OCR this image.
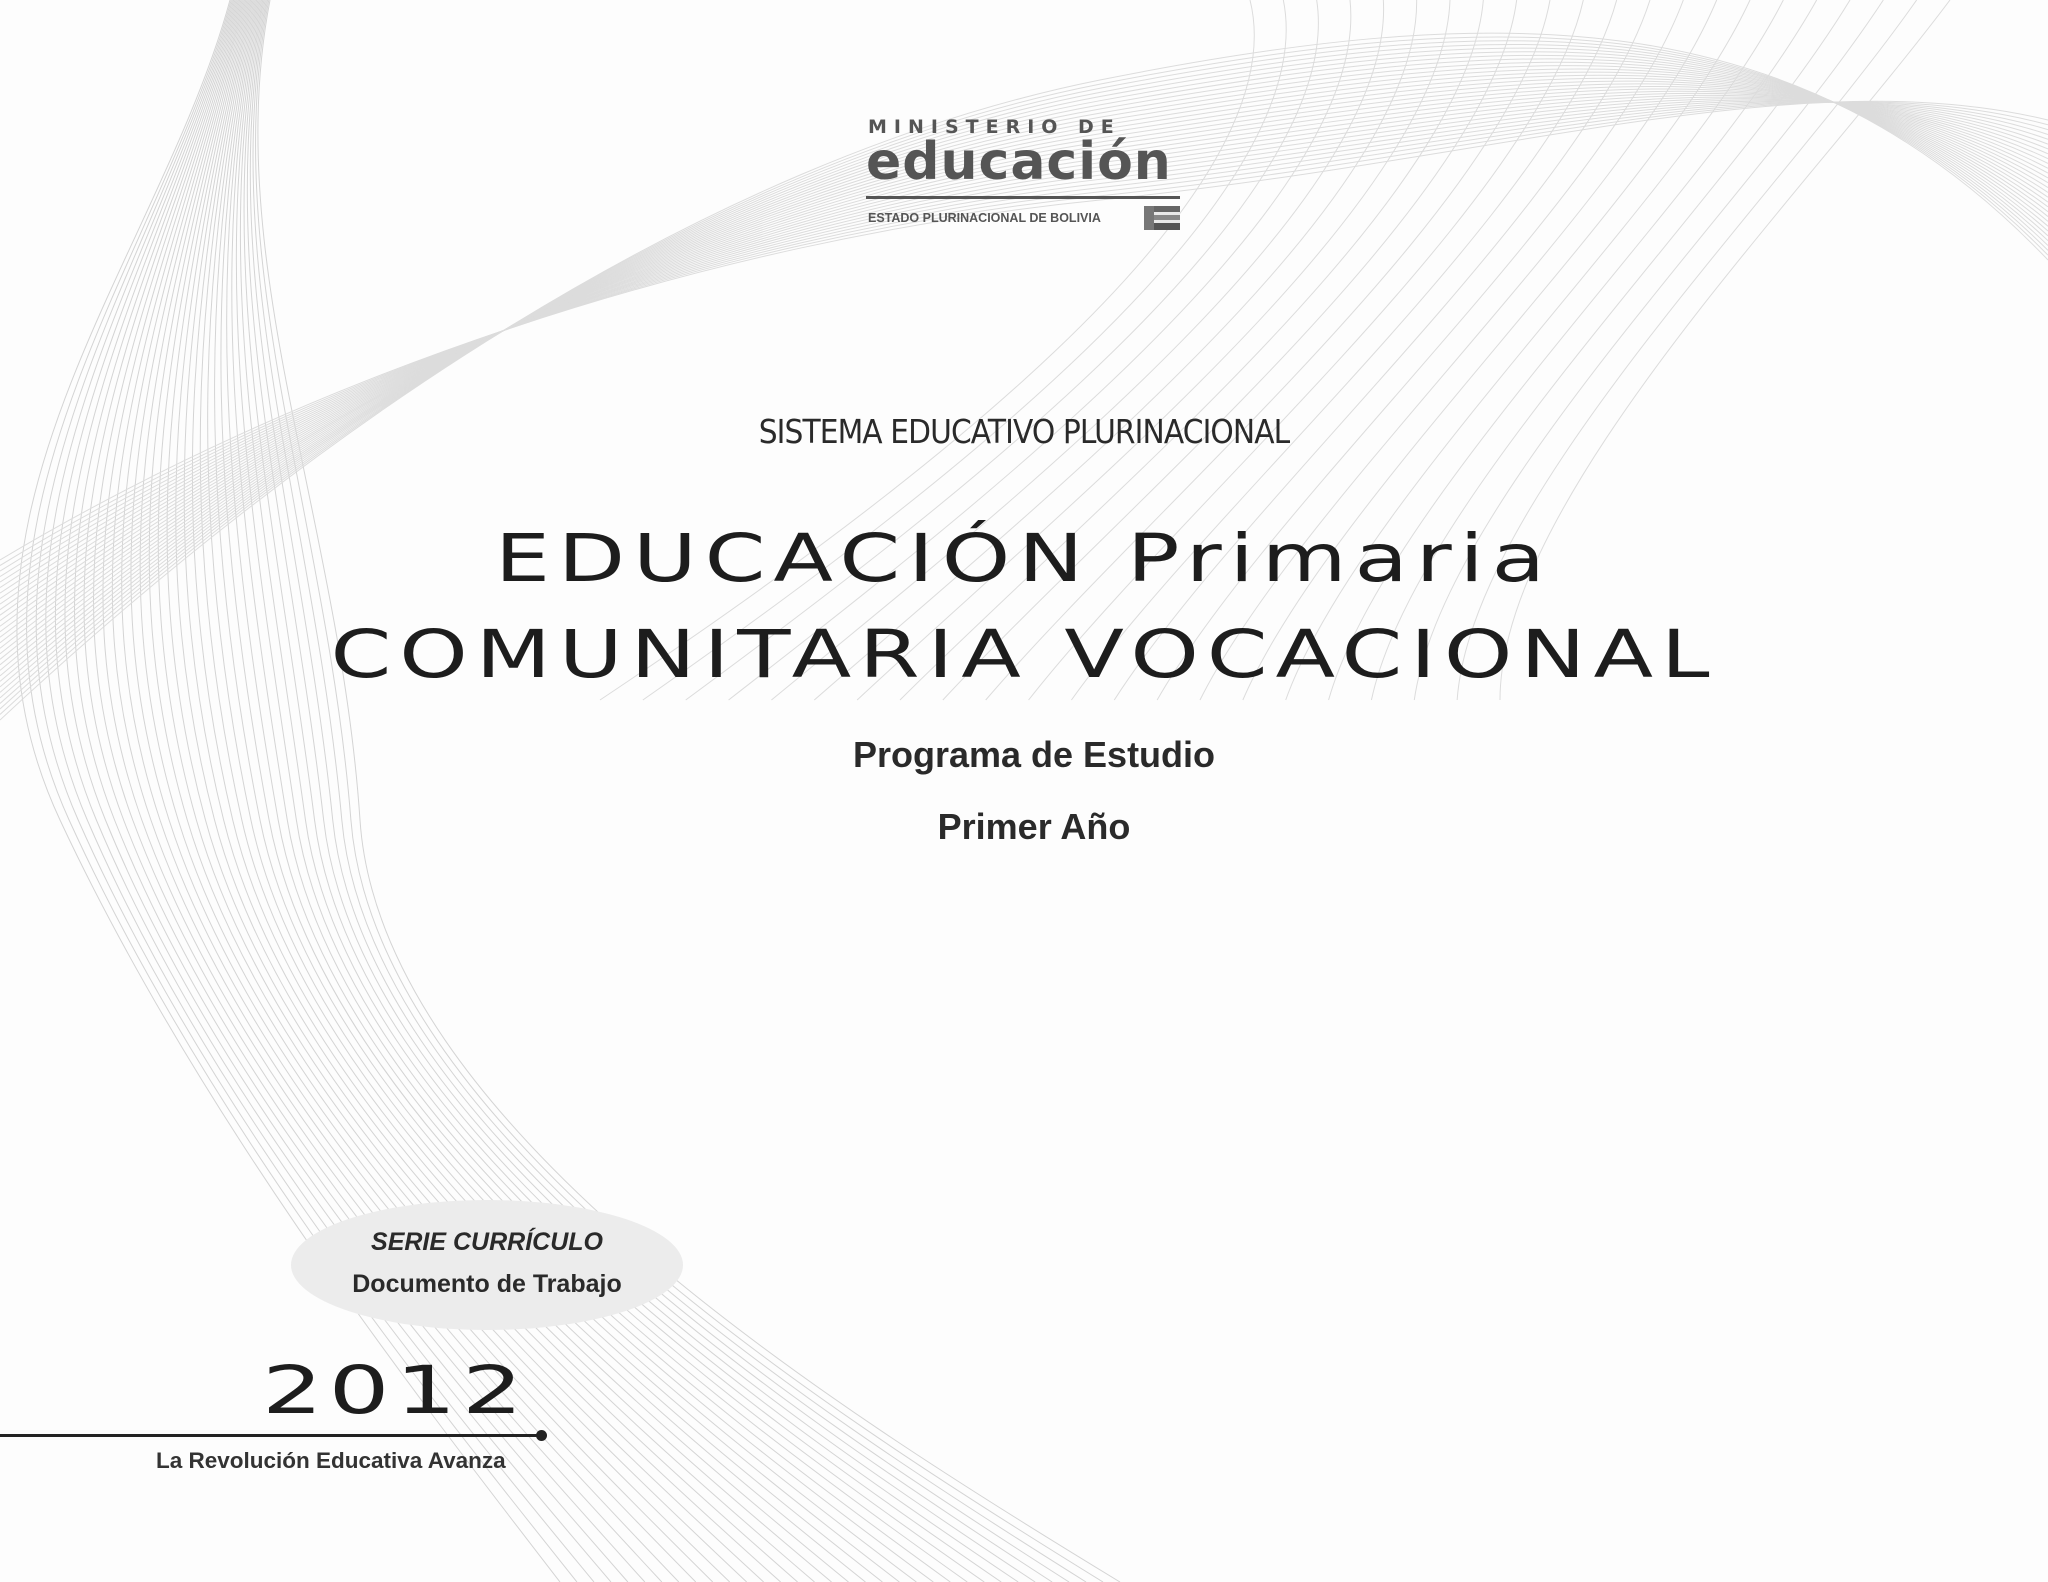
MINISTERIO DE
educación
ESTADO PLURINACIONAL DE BOLIVIA
SISTEMA EDUCATIVO PLURINACIONAL
EDUCACIÓN Primaria
COMUNITARIA VOCACIONAL
Programa de Estudio
Primer Año
SERIE CURRÍCULO
Documento de Trabajo
2012
La Revolución Educativa Avanza
